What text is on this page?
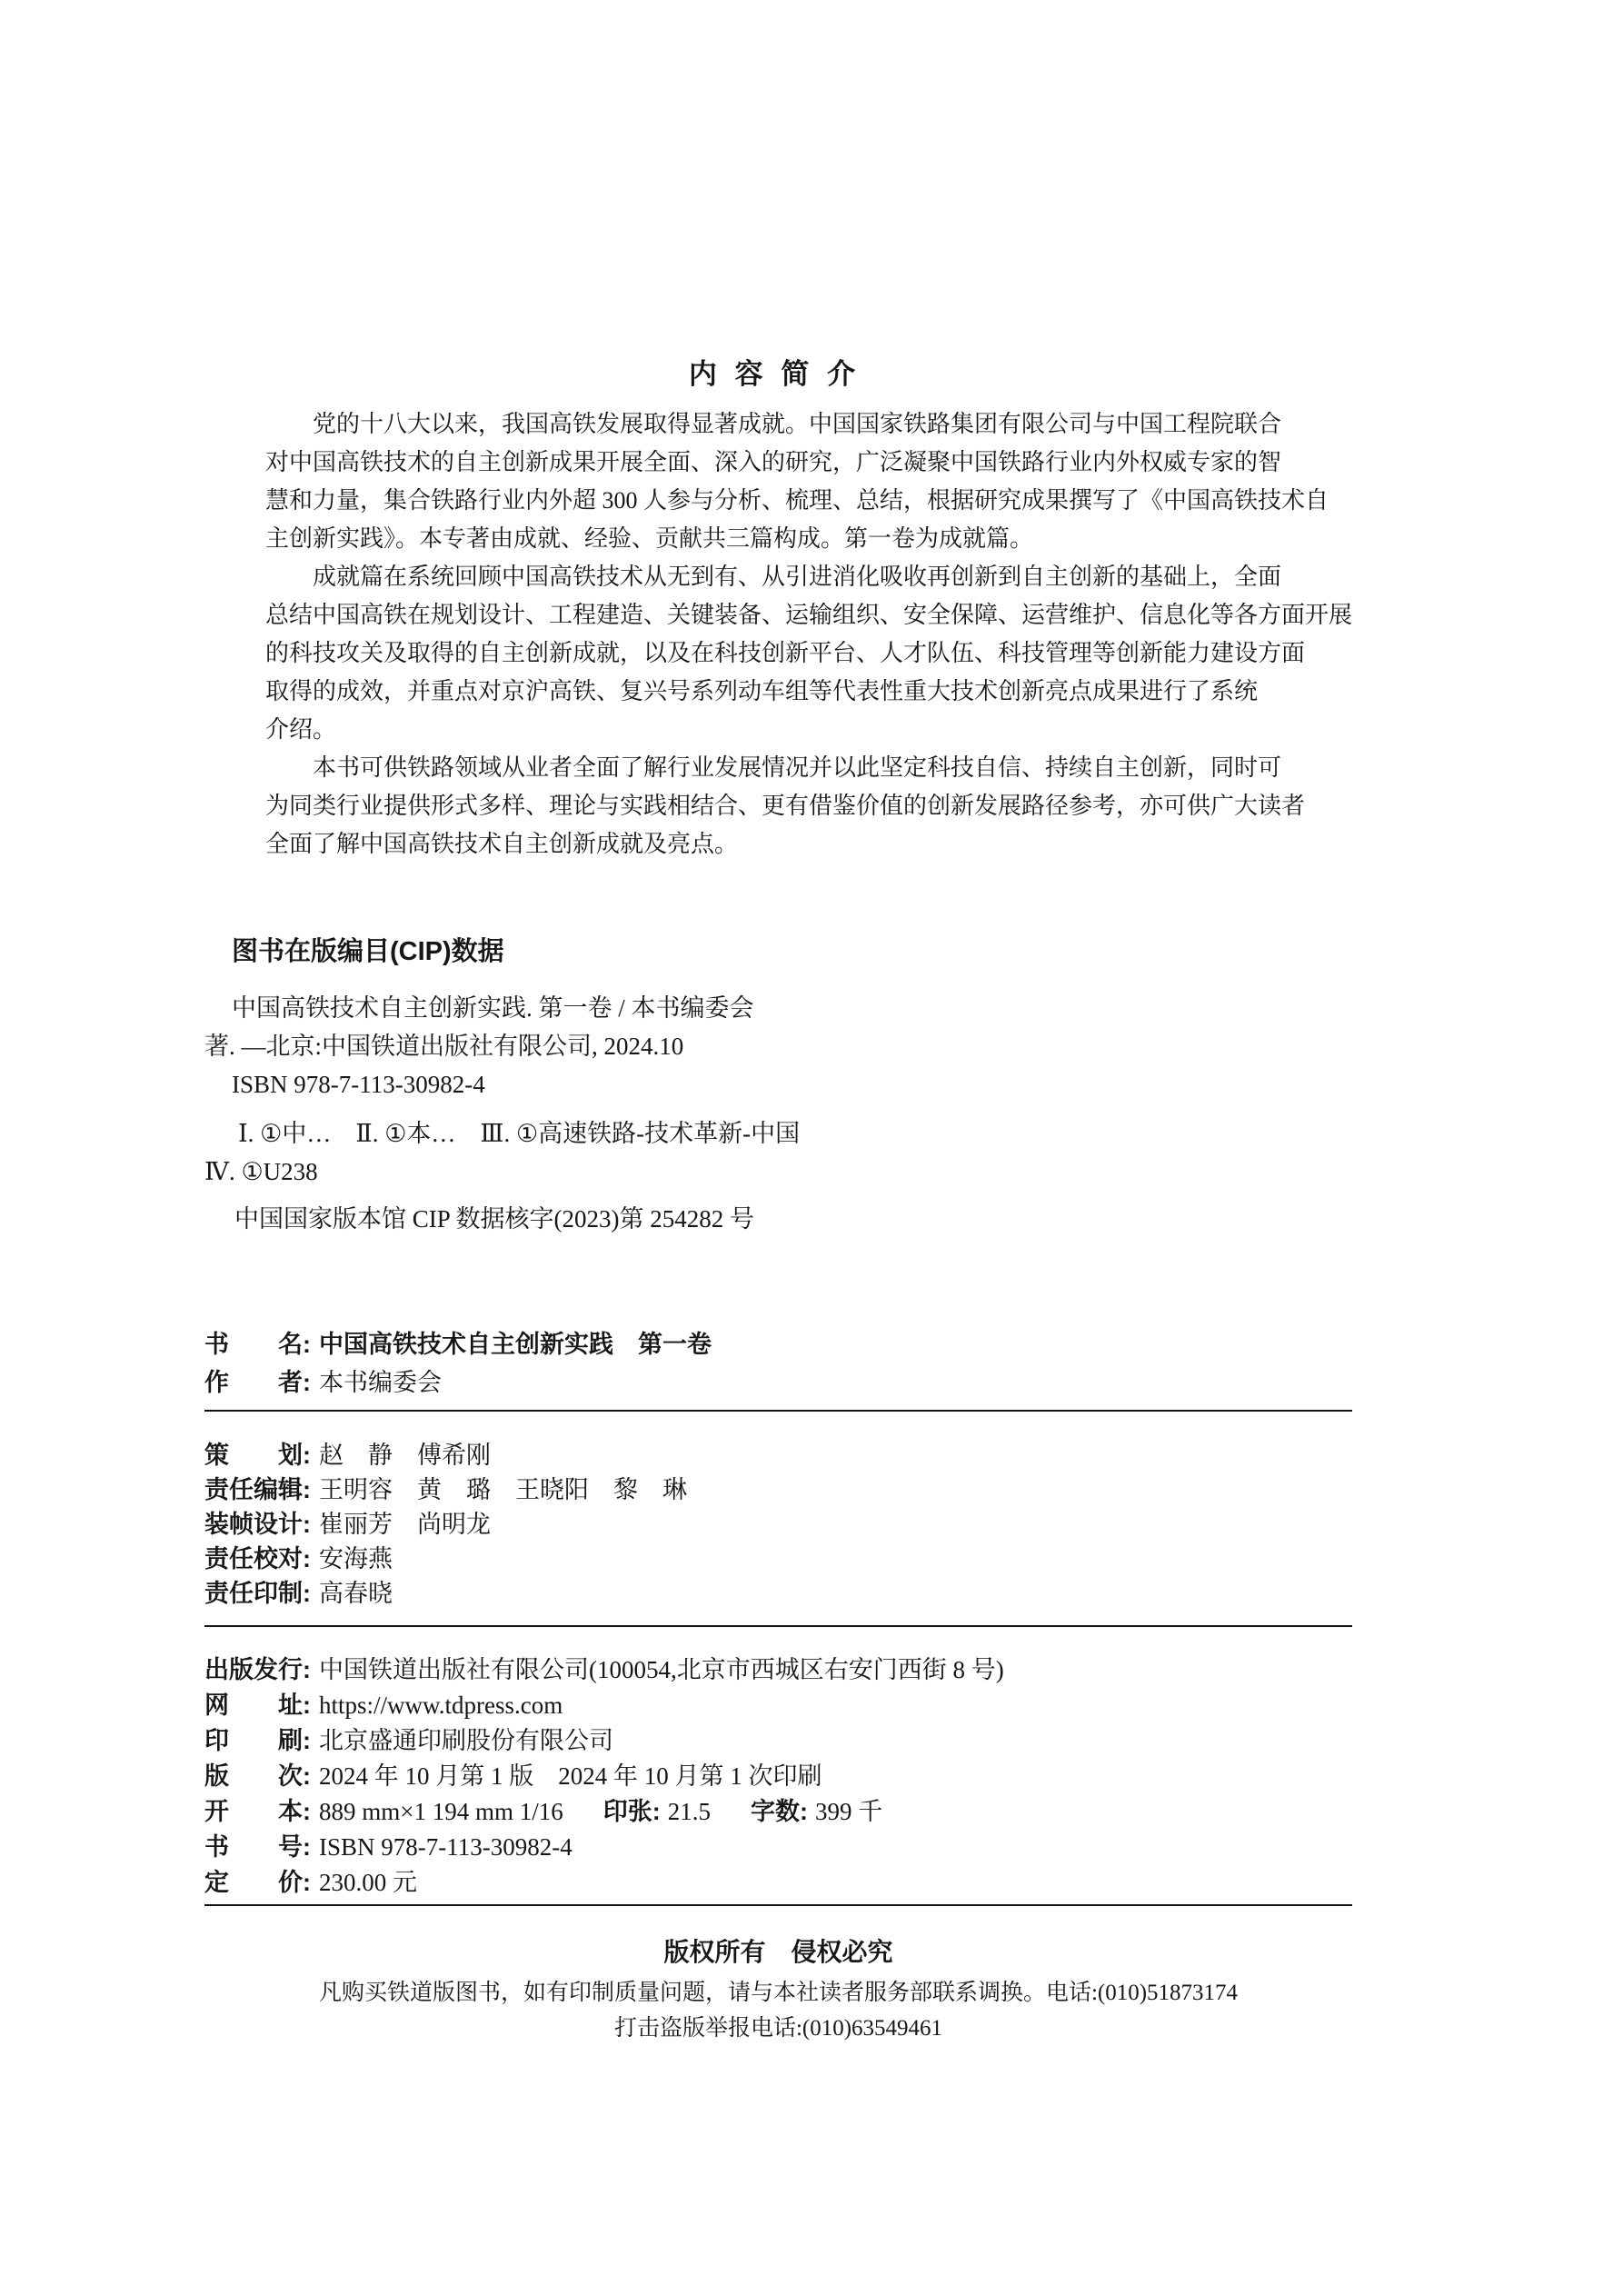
内 容 简 介
党的十八大以来，我国高铁发展取得显著成就。中国国家铁路集团有限公司与中国工程院联合
对中国高铁技术的自主创新成果开展全面、深入的研究，广泛凝聚中国铁路行业内外权威专家的智
慧和力量，集合铁路行业内外超 300 人参与分析、梳理、总结，根据研究成果撰写了《中国高铁技术自
主创新实践》。本专著由成就、经验、贡献共三篇构成。第一卷为成就篇。
成就篇在系统回顾中国高铁技术从无到有、从引进消化吸收再创新到自主创新的基础上，全面
总结中国高铁在规划设计、工程建造、关键装备、运输组织、安全保障、运营维护、信息化等各方面开展
的科技攻关及取得的自主创新成就，以及在科技创新平台、人才队伍、科技管理等创新能力建设方面
取得的成效，并重点对京沪高铁、复兴号系列动车组等代表性重大技术创新亮点成果进行了系统
介绍。
本书可供铁路领域从业者全面了解行业发展情况并以此坚定科技自信、持续自主创新，同时可
为同类行业提供形式多样、理论与实践相结合、更有借鉴价值的创新发展路径参考，亦可供广大读者
全面了解中国高铁技术自主创新成就及亮点。
图书在版编目(CIP)数据
中国高铁技术自主创新实践. 第一卷 / 本书编委会
著. —北京:中国铁道出版社有限公司, 2024.10
ISBN 978-7-113-30982-4
Ⅰ. ①中…　Ⅱ. ①本…　Ⅲ. ①高速铁路-技术革新-中国
Ⅳ. ①U238
中国国家版本馆 CIP 数据核字(2023)第 254282 号
书　　名: 中国高铁技术自主创新实践　第一卷
作　　者: 本书编委会
策　　划: 赵　静　傅希刚
责任编辑: 王明容　黄　璐　王晓阳　黎　琳
装帧设计: 崔丽芳　尚明龙
责任校对: 安海燕
责任印制: 高春晓
出版发行: 中国铁道出版社有限公司(100054,北京市西城区右安门西街 8 号)
网　　址: https://www.tdpress.com
印　　刷: 北京盛通印刷股份有限公司
版　　次: 2024 年 10 月第 1 版　2024 年 10 月第 1 次印刷
开　　本: 889 mm×1 194 mm 1/16 印张: 21.5 字数: 399 千
书　　号: ISBN 978-7-113-30982-4
定　　价: 230.00 元
版权所有　侵权必究
凡购买铁道版图书，如有印制质量问题，请与本社读者服务部联系调换。电话:(010)51873174
打击盗版举报电话:(010)63549461
